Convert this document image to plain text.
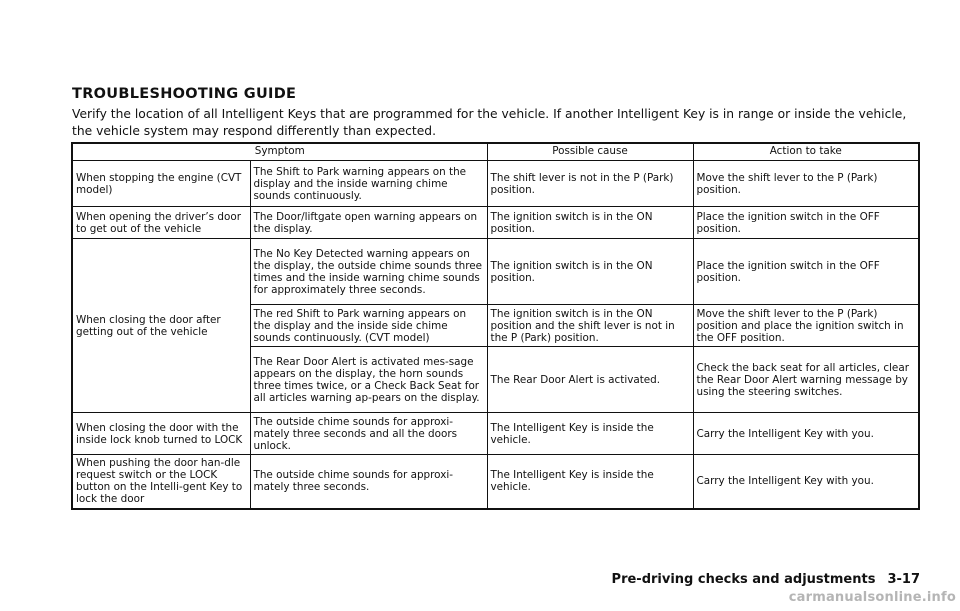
TROUBLESHOOTING GUIDE

Verify the location of all Intelligent Keys that are programmed for the vehicle. If another Intelligent Key is in range or inside the vehicle, the vehicle system may respond differently than expected.

Symptom		Possible cause	Action to take
When stopping the engine (CVT model)	The Shift to Park warning appears on the display and the inside warning chime sounds continuously.	The shift lever is not in the P (Park) position.	Move the shift lever to the P (Park) position.
When opening the driver’s door to get out of the vehicle	The Door/liftgate open warning appears on the display.	The ignition switch is in the ON position.	Place the ignition switch in the OFF position.
When closing the door after getting out of the vehicle	The No Key Detected warning appears on the display, the outside chime sounds three times and the inside warning chime sounds for approximately three seconds.	The ignition switch is in the ON position.	Place the ignition switch in the OFF position.
	The red Shift to Park warning appears on the display and the inside side chime sounds continuously. (CVT model)	The ignition switch is in the ON position and the shift lever is not in the P (Park) position.	Move the shift lever to the P (Park) position and place the ignition switch in the OFF position.
	The Rear Door Alert is activated mes-sage appears on the display, the horn sounds three times twice, or a Check Back Seat for all articles warning ap-pears on the display.	The Rear Door Alert is activated.	Check the back seat for all articles, clear the Rear Door Alert warning message by using the steering switches.
When closing the door with the inside lock knob turned to LOCK	The outside chime sounds for approxi-mately three seconds and all the doors unlock.	The Intelligent Key is inside the vehicle.	Carry the Intelligent Key with you.
When pushing the door han-dle request switch or the LOCK button on the Intelli-gent Key to lock the door	The outside chime sounds for approxi-mately three seconds.	The Intelligent Key is inside the vehicle.	Carry the Intelligent Key with you.
Pre-driving checks and adjustments 3-17
carmanualsonline.info
